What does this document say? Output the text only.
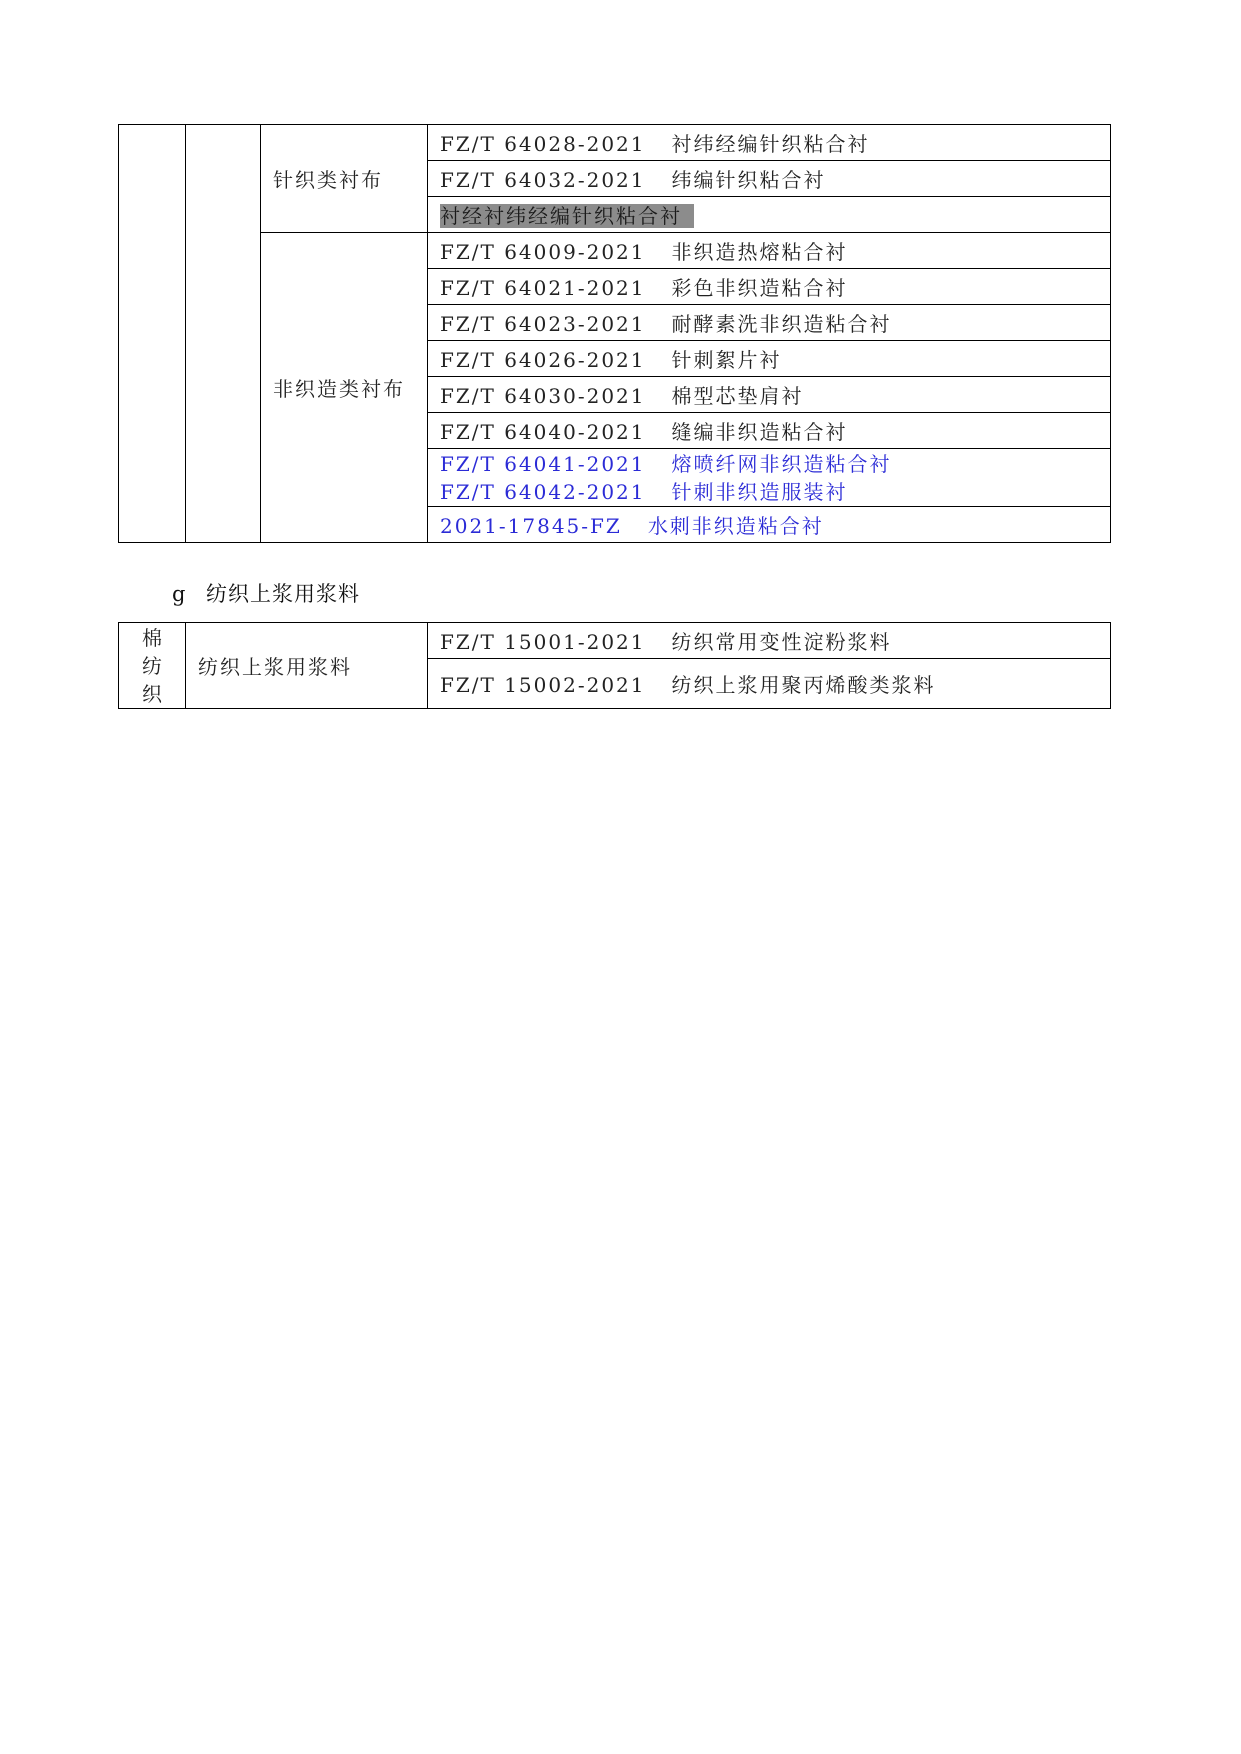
		针织类衬布	FZ/T 64028-2021 衬纬经编针织粘合衬
			FZ/T 64032-2021 纬编针织粘合衬
			衬经衬纬经编针织粘合衬
		非织造类衬布	FZ/T 64009-2021 非织造热熔粘合衬
			FZ/T 64021-2021 彩色非织造粘合衬
			FZ/T 64023-2021 耐酵素洗非织造粘合衬
			FZ/T 64026-2021 针刺絮片衬
			FZ/T 64030-2021 棉型芯垫肩衬
			FZ/T 64040-2021 缝编非织造粘合衬

			FZ/T 64041-2021 熔喷纤网非织造粘合衬
FZ/T 64042-2021 针刺非织造服装衬

			2021-17845-FZ 水刺非织造粘合衬
g 纺织上浆用浆料
棉
纺
织
	纺织上浆用浆料	FZ/T 15001-2021 纺织常用变性淀粉浆料
FZ/T 15002-2021 纺织上浆用聚丙烯酸类浆料
